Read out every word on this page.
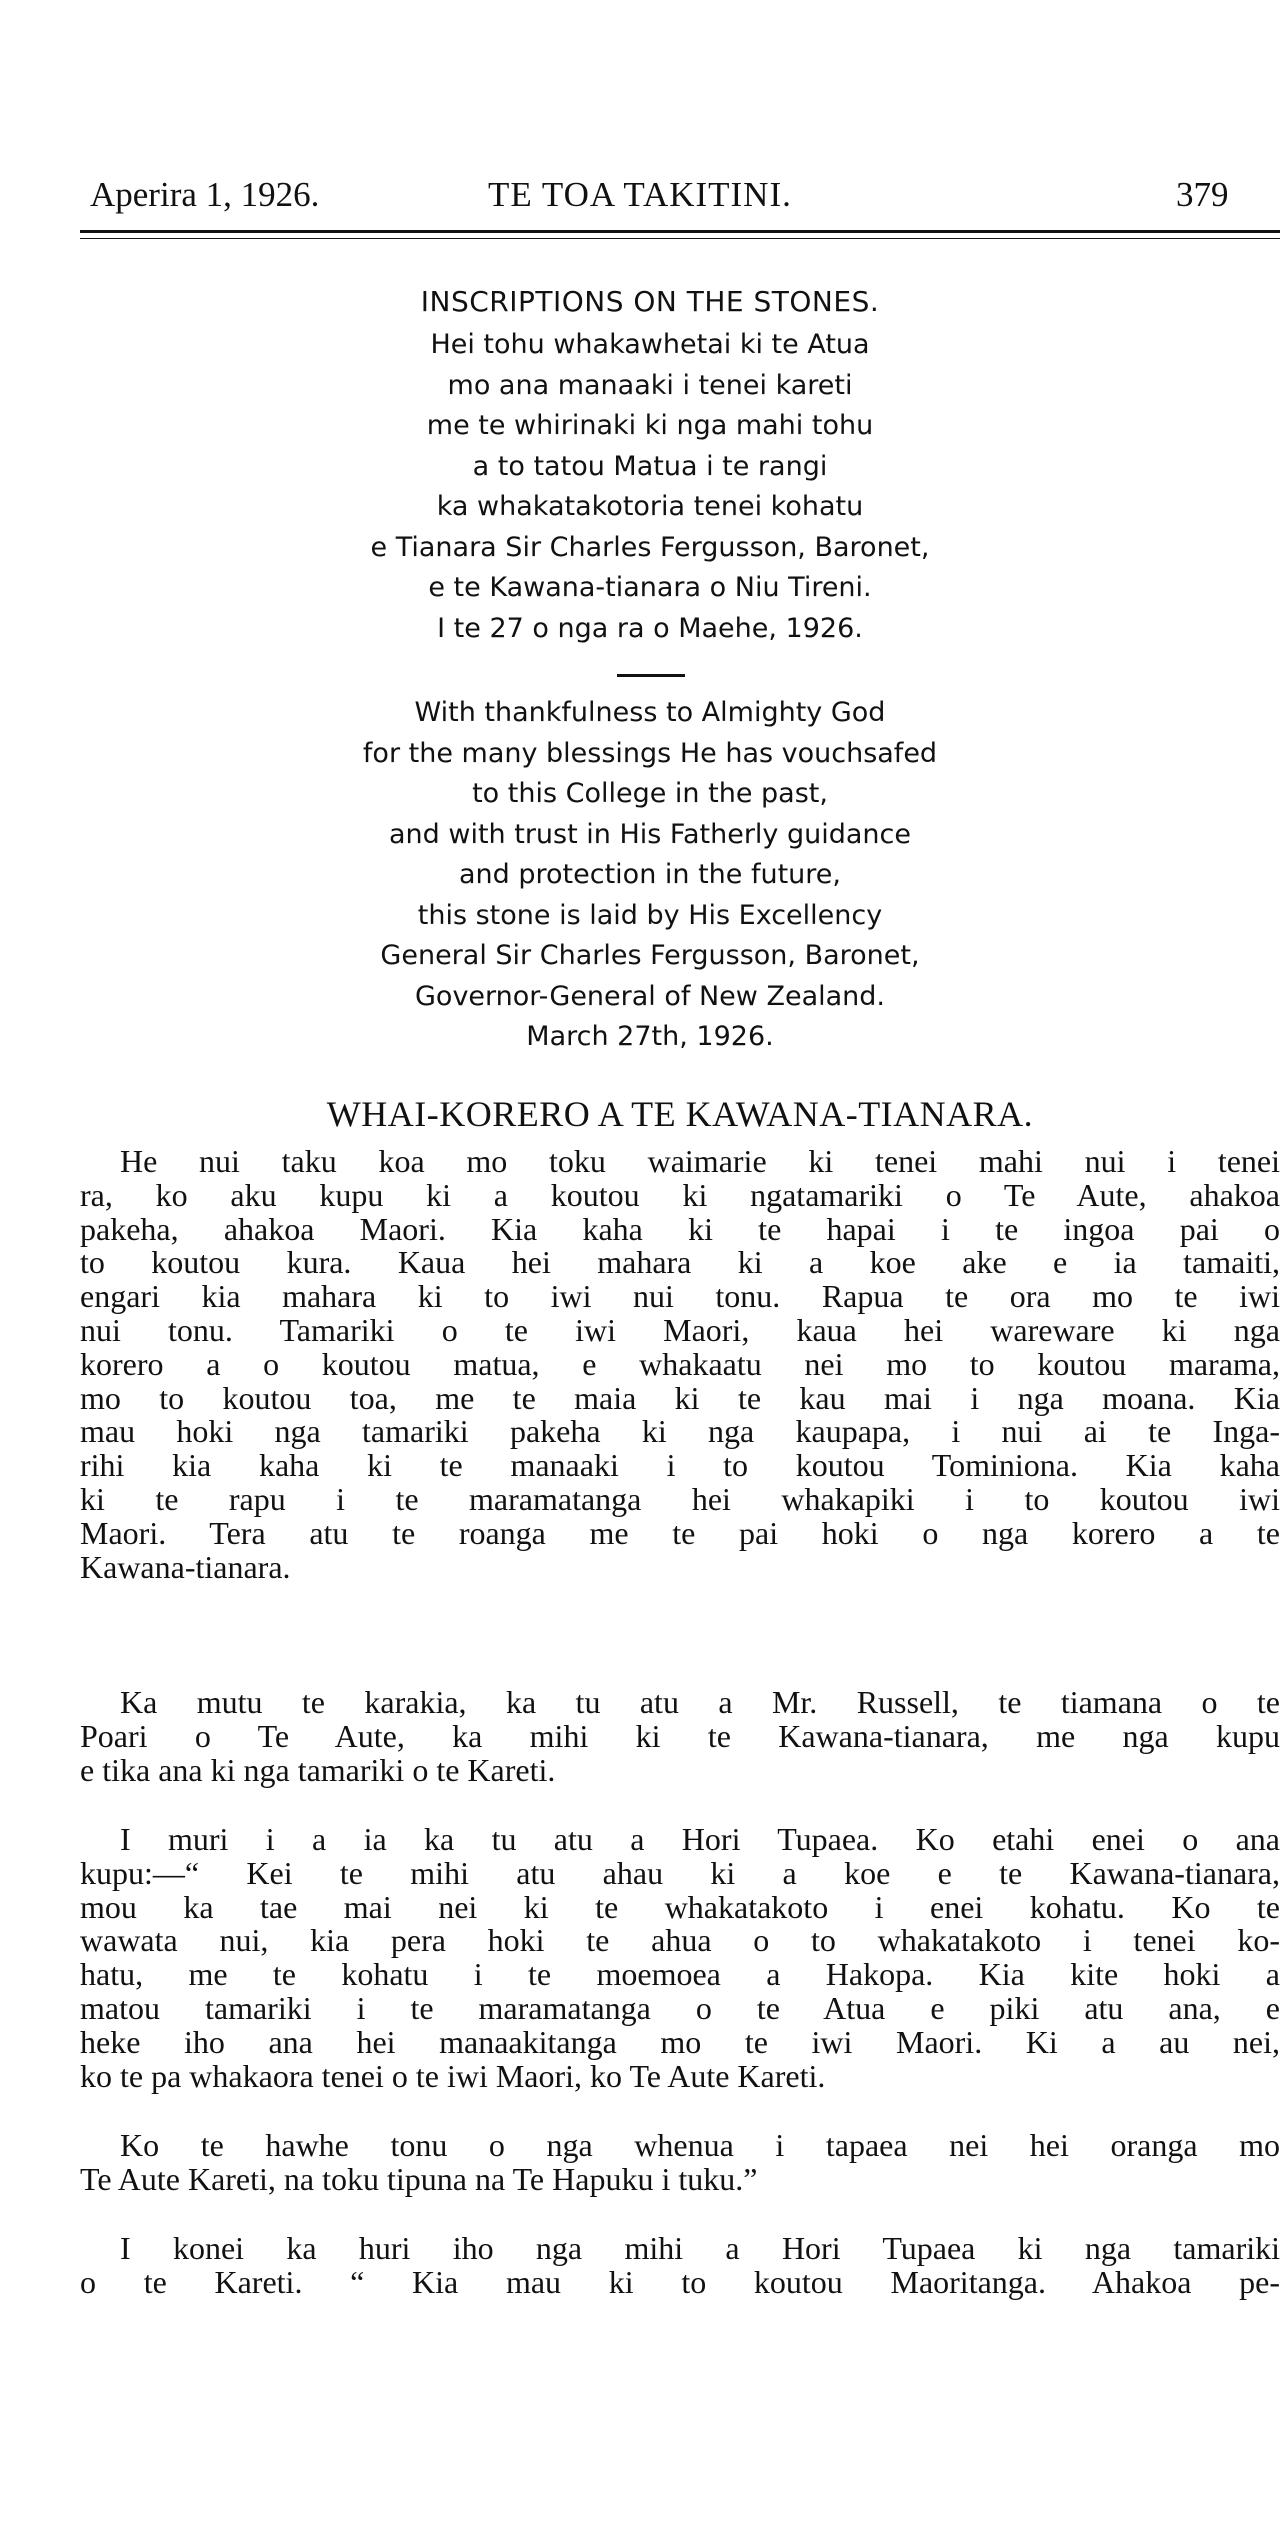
Aperira 1, 1926.	TE TOA TAKITINI.	379
INSCRIPTIONS ON THE STONES.
Hei tohu whakawhetai ki te Atua
mo ana manaaki i tenei kareti
me te whirinaki ki nga mahi tohu
a to tatou Matua i te rangi
ka whakatakotoria tenei kohatu
e Tianara Sir Charles Fergusson, Baronet,
e te Kawana-tianara o Niu Tireni.
I te 27 o nga ra o Maehe, 1926.
With thankfulness to Almighty God
for the many blessings He has vouchsafed
to this College in the past,
and with trust in His Fatherly guidance
and protection in the future,
this stone is laid by His Excellency
General Sir Charles Fergusson, Baronet,
Governor-General of New Zealand.
March 27th, 1926.
WHAI-KORERO A TE KAWANA-TIANARA.
He nui taku koa mo toku waimarie ki tenei mahi nui i tenei
ra, ko aku kupu ki a koutou ki ngatamariki o Te Aute, ahakoa
pakeha, ahakoa Maori. Kia kaha ki te hapai i te ingoa pai o
to koutou kura. Kaua hei mahara ki a koe ake e ia tamaiti,
engari kia mahara ki to iwi nui tonu. Rapua te ora mo te iwi
nui tonu. Tamariki o te iwi Maori, kaua hei wareware ki nga
korero a o koutou matua, e whakaatu nei mo to koutou marama,
mo to koutou toa, me te maia ki te kau mai i nga moana. Kia
mau hoki nga tamariki pakeha ki nga kaupapa, i nui ai te Inga-
rihi kia kaha ki te manaaki i to koutou Tominiona. Kia kaha
ki te rapu i te maramatanga hei whakapiki i to koutou iwi
Maori. Tera atu te roanga me te pai hoki o nga korero a te
Kawana-tianara.
Ka mutu te karakia, ka tu atu a Mr. Russell, te tiamana o te
Poari o Te Aute, ka mihi ki te Kawana-tianara, me nga kupu
e tika ana ki nga tamariki o te Kareti.
I muri i a ia ka tu atu a Hori Tupaea. Ko etahi enei o ana
kupu:—“ Kei te mihi atu ahau ki a koe e te Kawana-tianara,
mou ka tae mai nei ki te whakatakoto i enei kohatu. Ko te
wawata nui, kia pera hoki te ahua o to whakatakoto i tenei ko-
hatu, me te kohatu i te moemoea a Hakopa. Kia kite hoki a
matou tamariki i te maramatanga o te Atua e piki atu ana, e
heke iho ana hei manaakitanga mo te iwi Maori. Ki a au nei,
ko te pa whakaora tenei o te iwi Maori, ko Te Aute Kareti.
Ko te hawhe tonu o nga whenua i tapaea nei hei oranga mo
Te Aute Kareti, na toku tipuna na Te Hapuku i tuku.”
I konei ka huri iho nga mihi a Hori Tupaea ki nga tamariki
o te Kareti. “ Kia mau ki to koutou Maoritanga. Ahakoa pe-
